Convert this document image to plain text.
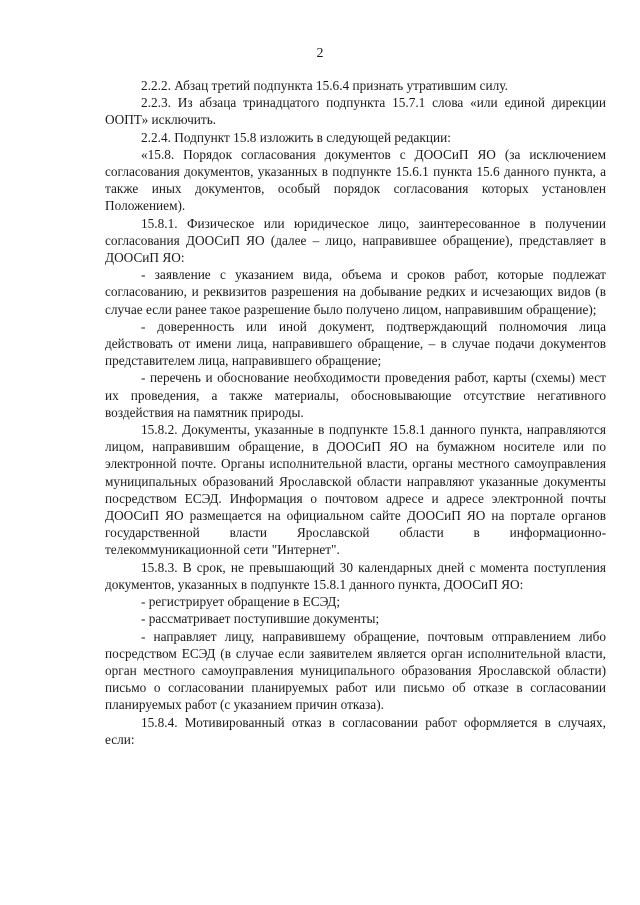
2

2.2.2. Абзац третий подпункта 15.6.4 признать утратившим силу.

2.2.3. Из абзаца тринадцатого подпункта 15.7.1 слова «или единой дирекции ООПТ» исключить.

2.2.4. Подпункт 15.8 изложить в следующей редакции:

«15.8. Порядок согласования документов с ДООСиП ЯО (за исключением согласования документов, указанных в подпункте 15.6.1 пункта 15.6 данного пункта, а также иных документов, особый порядок согласования которых установлен Положением).

15.8.1. Физическое или юридическое лицо, заинтересованное в получении согласования ДООСиП ЯО (далее – лицо, направившее обращение), представляет в ДООСиП ЯО:

- заявление с указанием вида, объема и сроков работ, которые подлежат согласованию, и реквизитов разрешения на добывание редких и исчезающих видов (в случае если ранее такое разрешение было получено лицом, направившим обращение);

- доверенность или иной документ, подтверждающий полномочия лица действовать от имени лица, направившего обращение, – в случае подачи документов представителем лица, направившего обращение;

- перечень и обоснование необходимости проведения работ, карты (схемы) мест их проведения, а также материалы, обосновывающие отсутствие негативного воздействия на памятник природы.

15.8.2. Документы, указанные в подпункте 15.8.1 данного пункта, направляются лицом, направившим обращение, в ДООСиП ЯО на бумажном носителе или по электронной почте. Органы исполнительной власти, органы местного самоуправления муниципальных образований Ярославской области направляют указанные документы посредством ЕСЭД. Информация о почтовом адресе и адресе электронной почты ДООСиП ЯО размещается на официальном сайте ДООСиП ЯО на портале органов государственной власти Ярославской области в информационно-телекоммуникационной сети "Интернет".

15.8.3. В срок, не превышающий 30 календарных дней с момента поступления документов, указанных в подпункте 15.8.1 данного пункта, ДООСиП ЯО:

- регистрирует обращение в ЕСЭД;

- рассматривает поступившие документы;

- направляет лицу, направившему обращение, почтовым отправлением либо посредством ЕСЭД (в случае если заявителем является орган исполнительной власти, орган местного самоуправления муниципального образования Ярославской области) письмо о согласовании планируемых работ или письмо об отказе в согласовании планируемых работ (с указанием причин отказа).

15.8.4. Мотивированный отказ в согласовании работ оформляется в случаях, если:
